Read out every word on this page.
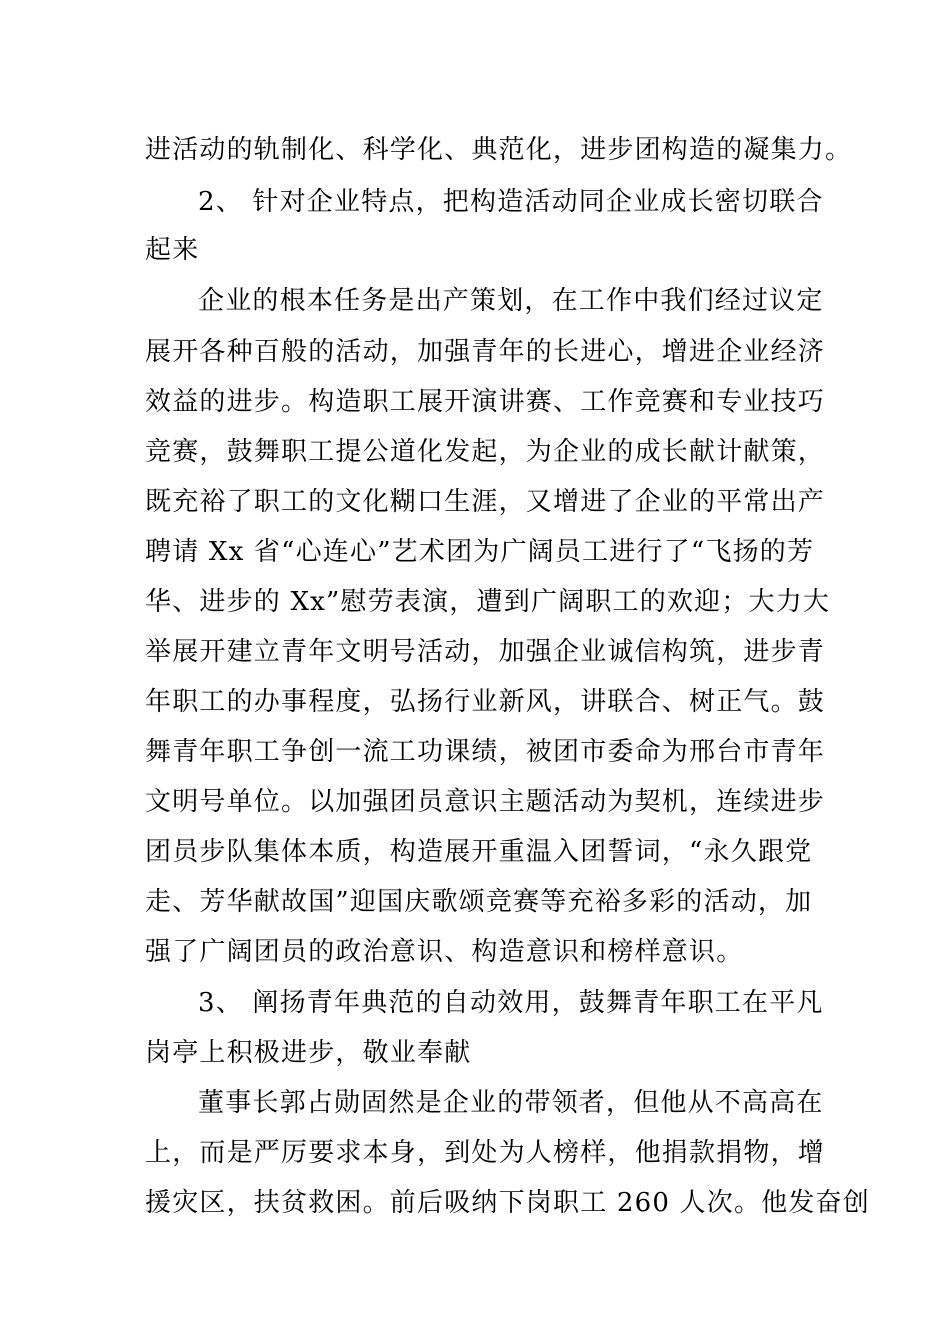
进活动的轨制化、科学化、典范化，进步团构造的凝集力。
2、 针对企业特点，把构造活动同企业成长密切联合
起来
企业的根本任务是出产策划，在工作中我们经过议定
展开各种百般的活动，加强青年的长进心，增进企业经济
效益的进步。构造职工展开演讲赛、工作竞赛和专业技巧
竞赛，鼓舞职工提公道化发起，为企业的成长献计献策，
既充裕了职工的文化糊口生涯，又增进了企业的平常出产
聘请 Xx 省“心连心”艺术团为广阔员工进行了“飞扬的芳
华、进步的 Xx”慰劳表演，遭到广阔职工的欢迎；大力大
举展开建立青年文明号活动，加强企业诚信构筑，进步青
年职工的办事程度，弘扬行业新风，讲联合、树正气。鼓
舞青年职工争创一流工功课绩，被团市委命为邢台市青年
文明号单位。以加强团员意识主题活动为契机，连续进步
团员步队集体本质，构造展开重温入团誓词，“永久跟党
走、芳华献故国”迎国庆歌颂竞赛等充裕多彩的活动，加
强了广阔团员的政治意识、构造意识和榜样意识。
3、 阐扬青年典范的自动效用，鼓舞青年职工在平凡
岗亭上积极进步，敬业奉献
董事长郭占勋固然是企业的带领者，但他从不高高在
上，而是严厉要求本身，到处为人榜样，他捐款捐物，增
援灾区，扶贫救困。前后吸纳下岗职工 260 人次。他发奋创
